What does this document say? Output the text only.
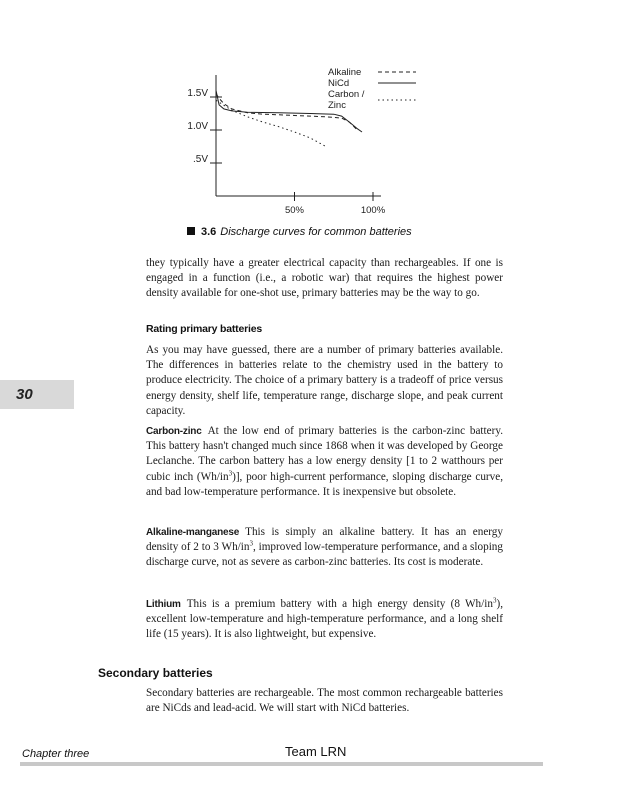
.5V
1.0V
1.5V
50%	100%
Alkaline
NiCd
Carbon /
Zinc
3.6 Discharge curves for common batteries

they typically have a greater electrical capacity than rechargeables. If one is engaged in a function (i.e., a robotic war) that requires the highest power density available for one-shot use, primary batteries may be the way to go.

Rating primary batteries

As you may have guessed, there are a number of primary batteries available. The differences in batteries relate to the chemistry used in the battery to produce electricity. The choice of a primary battery is a tradeoff of price versus energy density, shelf life, temperature range, discharge slope, and peak current capacity.

Carbon-zinc At the low end of primary batteries is the carbon-zinc battery. This battery hasn't changed much since 1868 when it was developed by George Leclanche. The carbon battery has a low energy density [1 to 2 watthours per cubic inch $(Wh/in^3)$], poor high-current performance, sloping discharge curve, and bad low-temperature performance. It is inexpensive but obsolete.

Alkaline-manganese This is simply an alkaline battery. It has an energy density of 2 to 3 $Wh/in^3$, improved low-temperature performance, and a sloping discharge curve, not as severe as carbon-zinc batteries. Its cost is moderate.

Lithium This is a premium battery with a high energy density (8 $Wh/in^3$), excellent low-temperature and high-temperature performance, and a long shelf life (15 years). It is also lightweight, but expensive.

Secondary batteries

Secondary batteries are rechargeable. The most common rechargeable batteries are NiCds and lead-acid. We will start with NiCd batteries.

30
Chapter three	Team LRN
